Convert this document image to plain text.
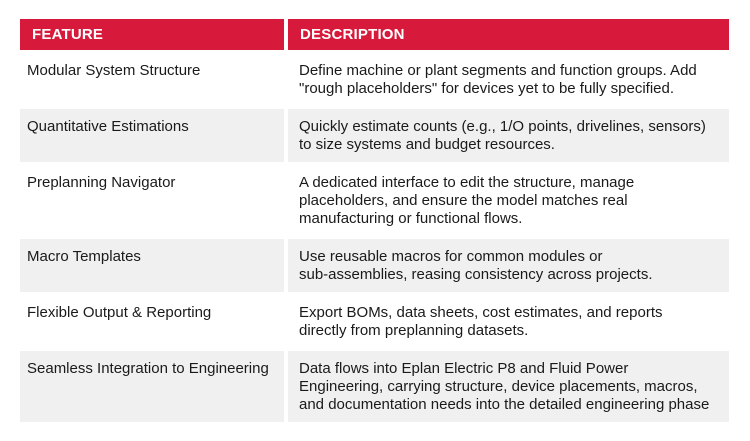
FEATURE	DESCRIPTION
Modular System Structure	Define machine or plant segments and function groups. Add
"rough placeholders" for devices yet to be fully specified.
Quantitative Estimations	Quickly estimate counts (e.g., 1/O points, drivelines, sensors)
to size systems and budget resources.
Preplanning Navigator	A dedicated interface to edit the structure, manage
placeholders, and ensure the model matches real
manufacturing or functional flows.
Macro Templates	Use reusable macros for common modules or
sub-assemblies, reasing consistency across projects.
Flexible Output & Reporting	Export BOMs, data sheets, cost estimates, and reports
directly from preplanning datasets.
Seamless Integration to Engineering	Data flows into Eplan Electric P8 and Fluid Power
Engineering, carrying structure, device placements, macros,
and documentation needs into the detailed engineering phase
